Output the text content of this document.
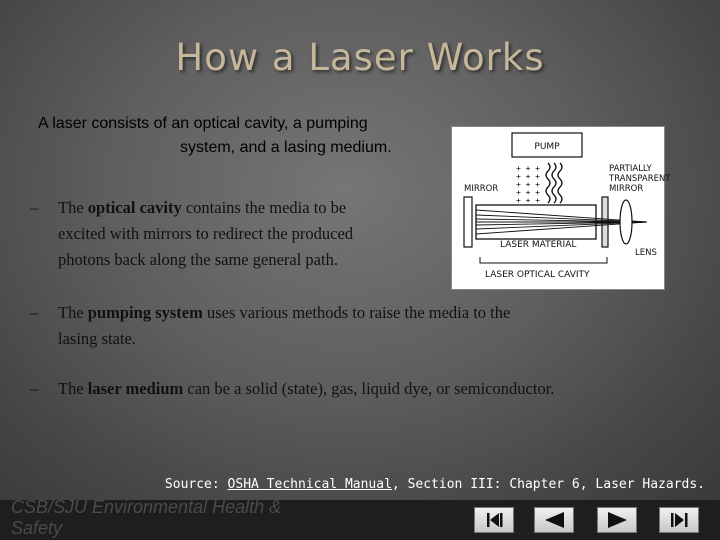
How a Laser Works
A laser consists of an optical cavity, a pumping
system, and a lasing medium.
– The optical cavity contains the media to be
excited with mirrors to redirect the produced
photons back along the same general path.
– The pumping system uses various methods to raise the media to the
lasing state.
– The laser medium can be a solid (state), gas, liquid dye, or semiconductor.
PUMP
+ + +
+ + +
+ + +
+ + +
+ + +
MIRROR
PARTIALLY
TRANSPARENT
MIRROR
LENS
LASER MATERIAL
LASER OPTICAL CAVITY
Source: OSHA Technical Manual, Section III: Chapter 6, Laser Hazards.
CSB/SJU Environmental Health &
Safety
